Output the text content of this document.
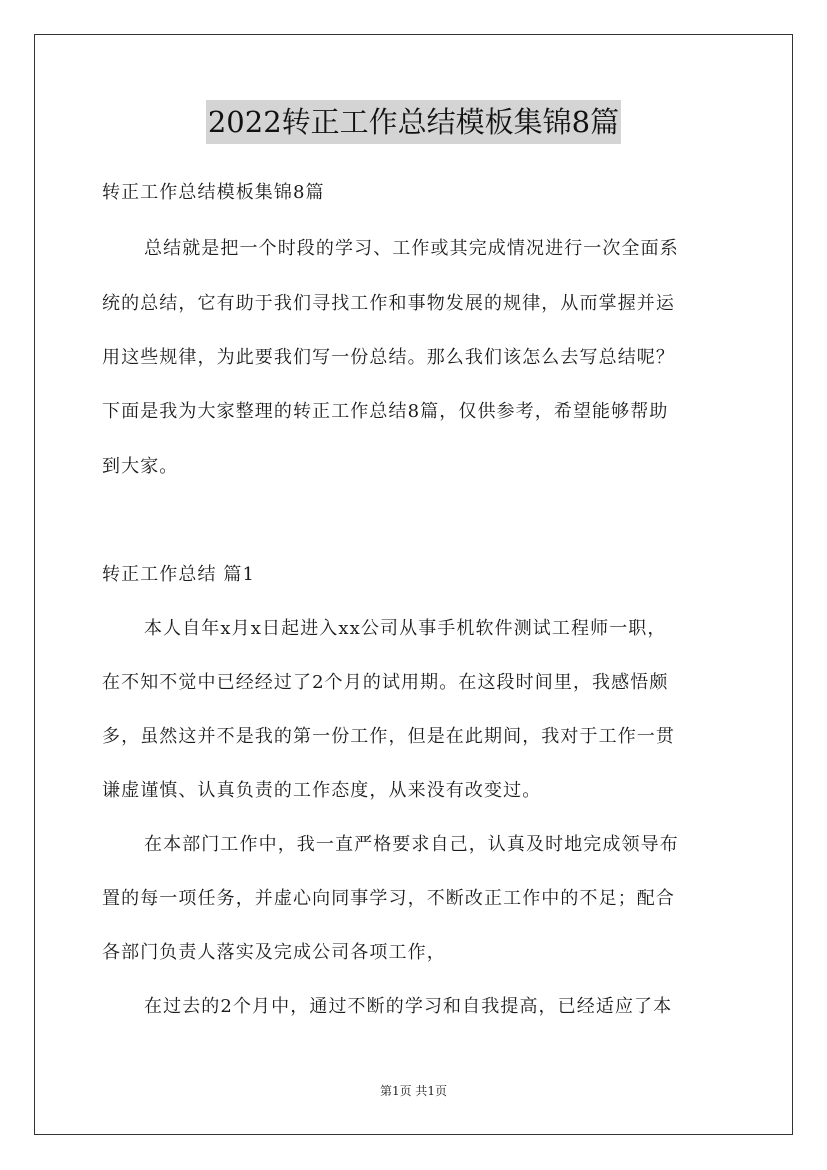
2022转正工作总结模板集锦8篇
转正工作总结模板集锦8篇
总结就是把一个时段的学习、工作或其完成情况进行一次全面系
统的总结，它有助于我们寻找工作和事物发展的规律，从而掌握并运
用这些规律，为此要我们写一份总结。那么我们该怎么去写总结呢？
下面是我为大家整理的转正工作总结8篇，仅供参考，希望能够帮助
到大家。
转正工作总结 篇1
本人自年x月x日起进入xx公司从事手机软件测试工程师一职，
在不知不觉中已经经过了2个月的试用期。在这段时间里，我感悟颇
多，虽然这并不是我的第一份工作，但是在此期间，我对于工作一贯
谦虚谨慎、认真负责的工作态度，从来没有改变过。
在本部门工作中，我一直严格要求自己，认真及时地完成领导布
置的每一项任务，并虚心向同事学习，不断改正工作中的不足；配合
各部门负责人落实及完成公司各项工作，
在过去的2个月中，通过不断的学习和自我提高，已经适应了本
第1页 共1页
